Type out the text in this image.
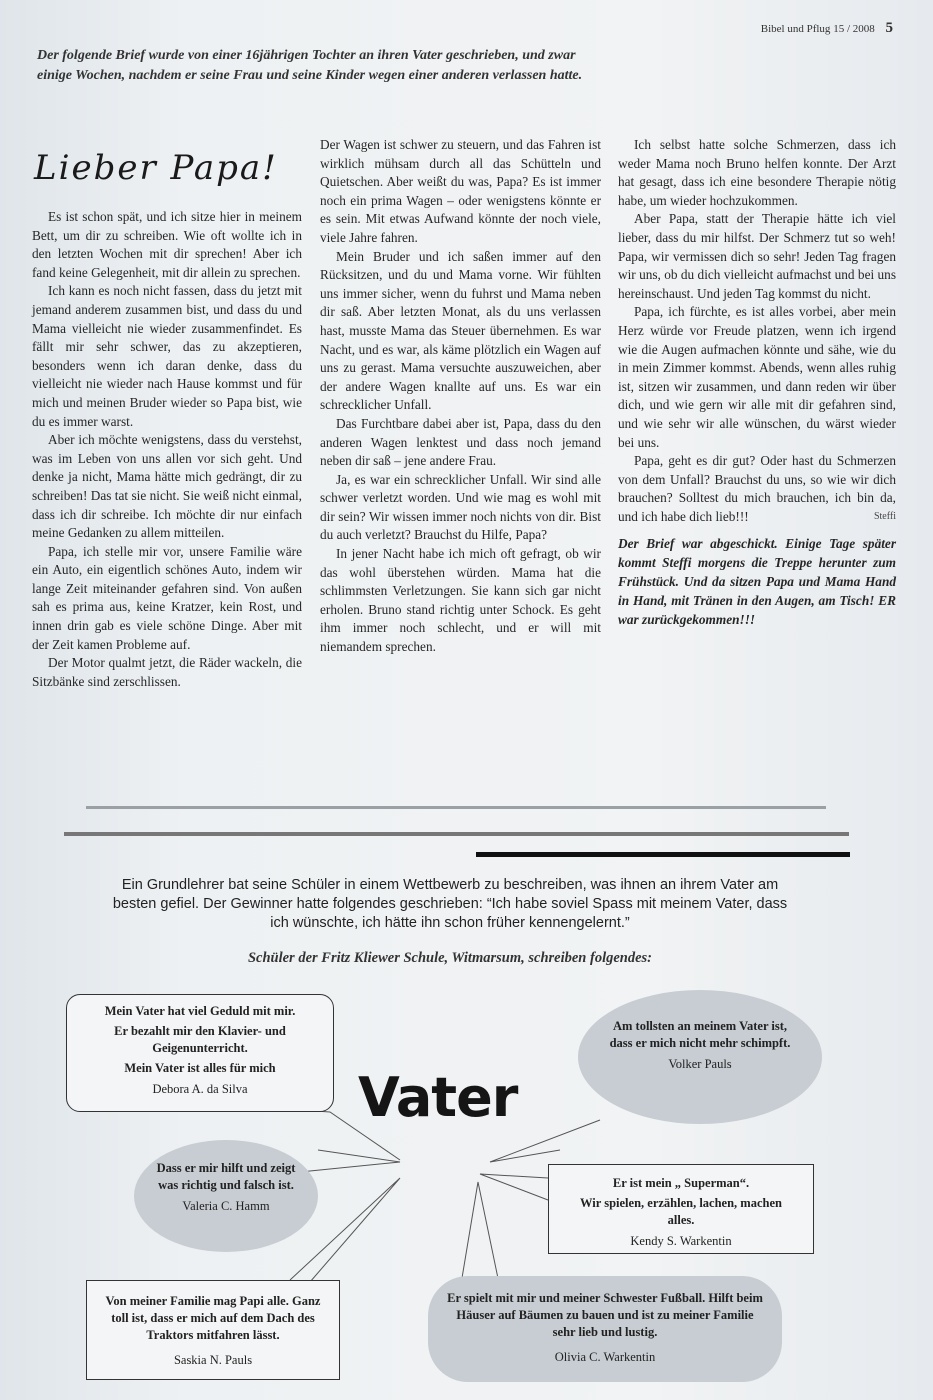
Bibel und Pflug 15 / 2008 5
Der folgende Brief wurde von einer 16jährigen Tochter an ihren Vater geschrieben, und zwar einige Wochen, nachdem er seine Frau und seine Kinder wegen einer anderen verlassen hatte.
Lieber Papa!

Es ist schon spät, und ich sitze hier in meinem Bett, um dir zu schreiben. Wie oft wollte ich in den letzten Wochen mit dir sprechen! Aber ich fand keine Gelegenheit, mit dir allein zu sprechen.

Ich kann es noch nicht fassen, dass du jetzt mit jemand anderem zusammen bist, und dass du und Mama vielleicht nie wieder zusammenfindet. Es fällt mir sehr schwer, das zu akzeptieren, besonders wenn ich daran denke, dass du vielleicht nie wieder nach Hause kommst und für mich und meinen Bruder wieder so Papa bist, wie du es immer warst.

Aber ich möchte wenigstens, dass du verstehst, was im Leben von uns allen vor sich geht. Und denke ja nicht, Mama hätte mich gedrängt, dir zu schreiben! Das tat sie nicht. Sie weiß nicht einmal, dass ich dir schreibe. Ich möchte dir nur einfach meine Gedanken zu allem mitteilen.

Papa, ich stelle mir vor, unsere Familie wäre ein Auto, ein eigentlich schönes Auto, indem wir lange Zeit miteinander gefahren sind. Von außen sah es prima aus, keine Kratzer, kein Rost, und innen drin gab es viele schöne Dinge. Aber mit der Zeit kamen Probleme auf.

Der Motor qualmt jetzt, die Räder wackeln, die Sitzbänke sind zerschlissen.

Der Wagen ist schwer zu steuern, und das Fahren ist wirklich mühsam durch all das Schütteln und Quietschen. Aber weißt du was, Papa? Es ist immer noch ein prima Wagen – oder wenigstens könnte er es sein. Mit etwas Aufwand könnte der noch viele, viele Jahre fahren.

Mein Bruder und ich saßen immer auf den Rücksitzen, und du und Mama vorne. Wir fühlten uns immer sicher, wenn du fuhrst und Mama neben dir saß. Aber letzten Monat, als du uns verlassen hast, musste Mama das Steuer übernehmen. Es war Nacht, und es war, als käme plötzlich ein Wagen auf uns zu gerast. Mama versuchte auszuweichen, aber der andere Wagen knallte auf uns. Es war ein schrecklicher Unfall.

Das Furchtbare dabei aber ist, Papa, dass du den anderen Wagen lenktest und dass noch jemand neben dir saß – jene andere Frau.

Ja, es war ein schrecklicher Unfall. Wir sind alle schwer verletzt worden. Und wie mag es wohl mit dir sein? Wir wissen immer noch nichts von dir. Bist du auch verletzt? Brauchst du Hilfe, Papa?

In jener Nacht habe ich mich oft gefragt, ob wir das wohl überstehen würden. Mama hat die schlimmsten Verletzungen. Sie kann sich gar nicht erholen. Bruno stand richtig unter Schock. Es geht ihm immer noch schlecht, und er will mit niemandem sprechen.

Ich selbst hatte solche Schmerzen, dass ich weder Mama noch Bruno helfen konnte. Der Arzt hat gesagt, dass ich eine besondere Therapie nötig habe, um wieder hochzukommen.

Aber Papa, statt der Therapie hätte ich viel lieber, dass du mir hilfst. Der Schmerz tut so weh! Papa, wir vermissen dich so sehr! Jeden Tag fragen wir uns, ob du dich vielleicht aufmachst und bei uns hereinschaust. Und jeden Tag kommst du nicht.

Papa, ich fürchte, es ist alles vorbei, aber mein Herz würde vor Freude platzen, wenn ich irgend wie die Augen aufmachen könnte und sähe, wie du in mein Zimmer kommst. Abends, wenn alles ruhig ist, sitzen wir zusammen, und dann reden wir über dich, und wie gern wir alle mit dir gefahren sind, und wie sehr wir alle wünschen, du wärst wieder bei uns.

Papa, geht es dir gut? Oder hast du Schmerzen von dem Unfall? Brauchst du uns, so wie wir dich brauchen? Solltest du mich brauchen, ich bin da, und ich habe dich lieb!!!	Steffi

Der Brief war abgeschickt. Einige Tage später kommt Steffi morgens die Treppe herunter zum Frühstück. Und da sitzen Papa und Mama Hand in Hand, mit Tränen in den Augen, am Tisch! ER war zurückgekommen!!!

Ein Grundlehrer bat seine Schüler in einem Wettbewerb zu beschreiben, was ihnen an ihrem Vater am besten gefiel. Der Gewinner hatte folgendes geschrieben: “Ich habe soviel Spass mit meinem Vater, dass ich wünschte, ich hätte ihn schon früher kennengelernt.”
Schüler der Fritz Kliewer Schule, Witmarsum, schreiben folgendes:
Mein Vater hat viel Geduld mit mir.
Er bezahlt mir den Klavier- und Geigenunterricht.
Mein Vater ist alles für mich
Debora A. da Silva
Am tollsten an meinem Vater ist, dass er mich nicht mehr schimpft.
Volker Pauls
Vater
Dass er mir hilft und zeigt was richtig und falsch ist.
Valeria C. Hamm
Er ist mein „ Superman“.
Wir spielen, erzählen, lachen, machen alles.
Kendy S. Warkentin
Von meiner Familie mag Papi alle. Ganz toll ist, dass er mich auf dem Dach des Traktors mitfahren lässt.
Saskia N. Pauls
Er spielt mit mir und meiner Schwester Fußball. Hilft beim Häuser auf Bäumen zu bauen und ist zu meiner Familie sehr lieb und lustig.
Olivia C. Warkentin
